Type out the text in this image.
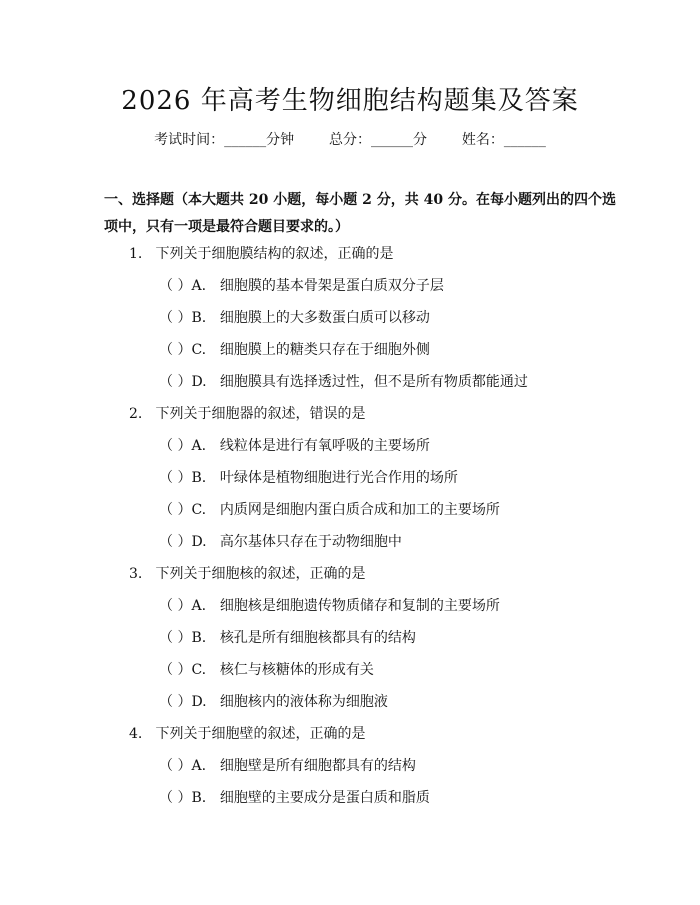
2026 年高考生物细胞结构题集及答案
考试时间：______分钟 总分：______分 姓名：______
一、选择题（本大题共 20 小题，每小题 2 分，共 40 分。在每小题列出的四个选
项中，只有一项是最符合题目要求的。）
1. 下列关于细胞膜结构的叙述，正确的是
（ ） A. 细胞膜的基本骨架是蛋白质双分子层
（ ） B. 细胞膜上的大多数蛋白质可以移动
（ ） C. 细胞膜上的糖类只存在于细胞外侧
（ ） D. 细胞膜具有选择透过性，但不是所有物质都能通过
2. 下列关于细胞器的叙述，错误的是
（ ） A. 线粒体是进行有氧呼吸的主要场所
（ ） B. 叶绿体是植物细胞进行光合作用的场所
（ ） C. 内质网是细胞内蛋白质合成和加工的主要场所
（ ） D. 高尔基体只存在于动物细胞中
3. 下列关于细胞核的叙述，正确的是
（ ） A. 细胞核是细胞遗传物质储存和复制的主要场所
（ ） B. 核孔是所有细胞核都具有的结构
（ ） C. 核仁与核糖体的形成有关
（ ） D. 细胞核内的液体称为细胞液
4. 下列关于细胞壁的叙述，正确的是
（ ） A. 细胞壁是所有细胞都具有的结构
（ ） B. 细胞壁的主要成分是蛋白质和脂质
